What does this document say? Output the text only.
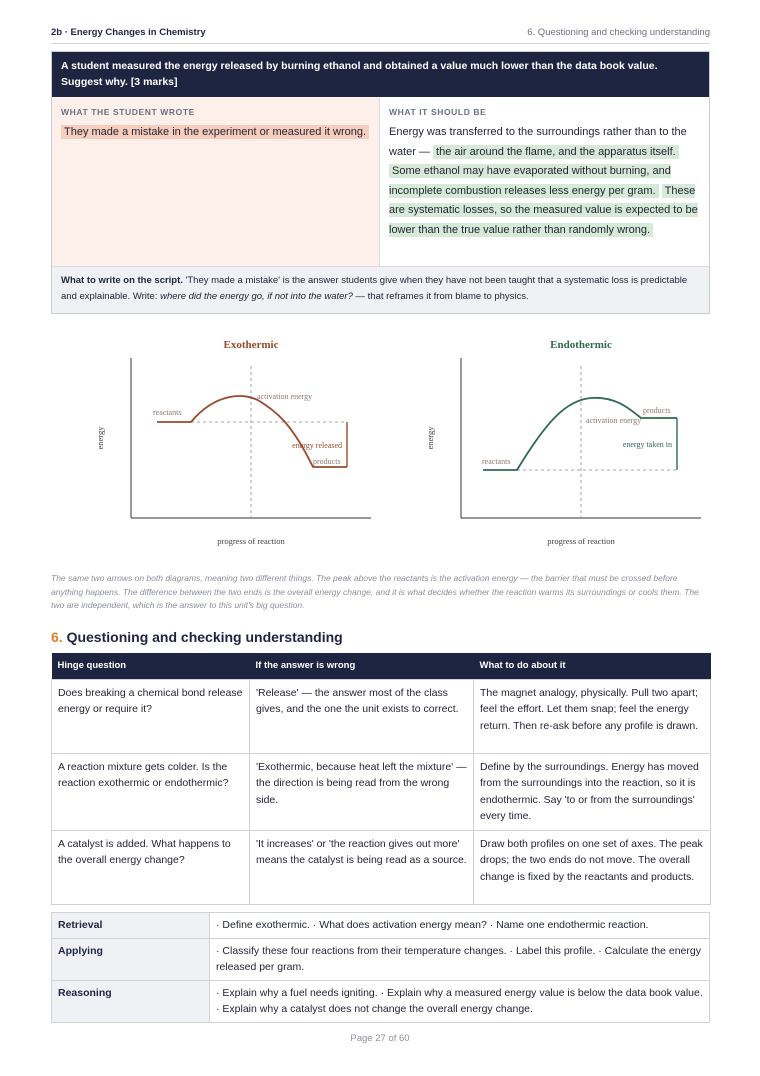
2b · Energy Changes in Chemistry	6. Questioning and checking understanding
A student measured the energy released by burning ethanol and obtained a value much lower than the data book value. Suggest why. [3 marks]
WHAT THE STUDENT WROTE
They made a mistake in the experiment or measured it wrong.
WHAT IT SHOULD BE
Energy was transferred to the surroundings rather than to the water — the air around the flame, and the apparatus itself. Some ethanol may have evaporated without burning, and incomplete combustion releases less energy per gram. These are systematic losses, so the measured value is expected to be lower than the true value rather than randomly wrong.
What to write on the script. 'They made a mistake' is the answer students give when they have not been taught that a systematic loss is predictable and explainable. Write: where did the energy go, if not into the water? — that reframes it from blame to physics.
Exothermic
energy
progress of reaction
reactants
activation energy
energy released
products
Endothermic
energy
progress of reaction
reactants
products
activation energy
energy taken in
The same two arrows on both diagrams, meaning two different things. The peak above the reactants is the activation energy — the barrier that must be crossed before anything happens. The difference between the two ends is the overall energy change, and it is what decides whether the reaction warms its surroundings or cools them. The two are independent, which is the answer to this unit's big question.
6. Questioning and checking understanding
Hinge question	If the answer is wrong	What to do about it
Does breaking a chemical bond release energy or require it?	'Release' — the answer most of the class gives, and the one the unit exists to correct.	The magnet analogy, physically. Pull two apart; feel the effort. Let them snap; feel the energy return. Then re-ask before any profile is drawn.
A reaction mixture gets colder. Is the reaction exothermic or endothermic?	'Exothermic, because heat left the mixture' — the direction is being read from the wrong side.	Define by the surroundings. Energy has moved from the surroundings into the reaction, so it is endothermic. Say 'to or from the surroundings' every time.
A catalyst is added. What happens to the overall energy change?	'It increases' or 'the reaction gives out more' means the catalyst is being read as a source.	Draw both profiles on one set of axes. The peak drops; the two ends do not move. The overall change is fixed by the reactants and products.
Retrieval	· Define exothermic. · What does activation energy mean? · Name one endothermic reaction.
Applying	· Classify these four reactions from their temperature changes. · Label this profile. · Calculate the energy released per gram.
Reasoning	· Explain why a fuel needs igniting. · Explain why a measured energy value is below the data book value. · Explain why a catalyst does not change the overall energy change.
Page 27 of 60
